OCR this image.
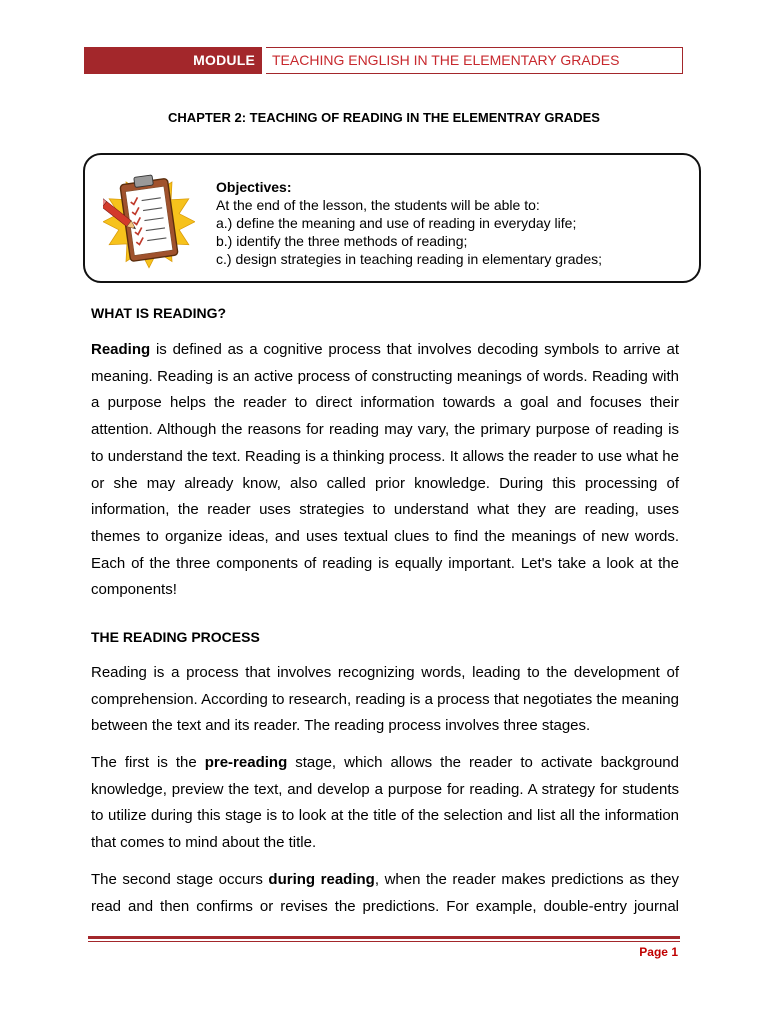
MODULE	TEACHING ENGLISH IN THE ELEMENTARY GRADES
CHAPTER 2: TEACHING OF READING IN THE ELEMENTRAY GRADES
Objectives:
At the end of the lesson, the students will be able to:
a.) define the meaning and use of reading in everyday life;
b.) identify the three methods of reading;
c.) design strategies in teaching reading in elementary grades;
WHAT IS READING?
Reading is defined as a cognitive process that involves decoding symbols to arrive at meaning. Reading is an active process of constructing meanings of words. Reading with a purpose helps the reader to direct information towards a goal and focuses their attention. Although the reasons for reading may vary, the primary purpose of reading is to understand the text. Reading is a thinking process. It allows the reader to use what he or she may already know, also called prior knowledge. During this processing of information, the reader uses strategies to understand what they are reading, uses themes to organize ideas, and uses textual clues to find the meanings of new words. Each of the three components of reading is equally important. Let's take a look at the components!
THE READING PROCESS
Reading is a process that involves recognizing words, leading to the development of comprehension. According to research, reading is a process that negotiates the meaning between the text and its reader. The reading process involves three stages.
The first is the pre-reading stage, which allows the reader to activate background knowledge, preview the text, and develop a purpose for reading. A strategy for students to utilize during this stage is to look at the title of the selection and list all the information that comes to mind about the title.
The second stage occurs during reading, when the reader makes predictions as they read and then confirms or revises the predictions. For example, double-entry journal
Page 1
